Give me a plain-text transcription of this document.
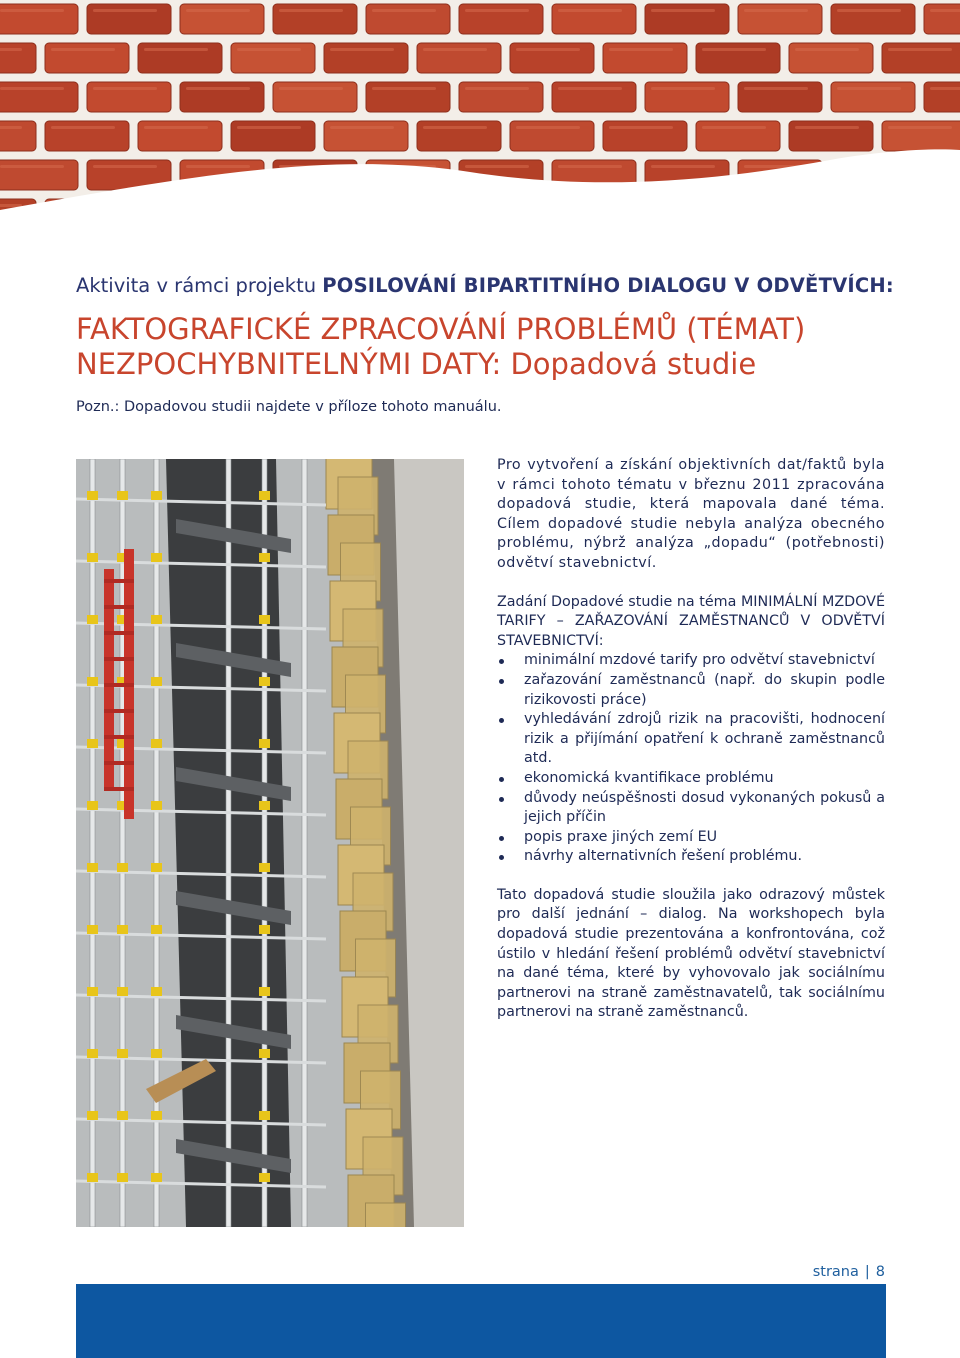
Aktivita v rámci projektu POSILOVÁNÍ BIPARTITNÍHO DIALOGU V ODVĚTVÍCH:
FAKTOGRAFICKÉ ZPRACOVÁNÍ PROBLÉMŮ (TÉMAT)
NEZPOCHYBNITELNÝMI DATY: Dopadová studie
Pozn.: Dopadovou studii najdete v příloze tohoto manuálu.

Pro vytvoření a získání objektivních dat/faktů byla v rámci tohoto tématu v březnu 2011 zpracována dopadová studie, která mapovala dané téma. Cílem dopadové studie nebyla analýza obecného problému, nýbrž analýza „dopadu“ (potřebnosti) odvětví stavebnictví.

Zadání Dopadové studie na téma MINIMÁLNÍ MZDOVÉ TARIFY – ZAŘAZOVÁNÍ ZAMĚSTNANCŮ V ODVĚTVÍ STAVEBNICTVÍ:

minimální mzdové tarify pro odvětví stavebnictví
zařazování zaměstnanců (např. do skupin podle rizikovosti práce)
vyhledávání zdrojů rizik na pracovišti, hodnocení rizik a přijímání opatření k ochraně zaměstnanců atd.
ekonomická kvantifikace problému
důvody neúspěšnosti dosud vykonaných pokusů a jejich příčin
popis praxe jiných zemí EU
návrhy alternativních řešení problému.

Tato dopadová studie sloužila jako odrazový můstek pro další jednání – dialog. Na workshopech byla dopadová studie prezentována a konfrontována, což ústilo v hledání řešení problémů odvětví stavebnictví na dané téma, které by vyhovovalo jak sociálnímu partnerovi na straně zaměstnavatelů, tak sociálnímu partnerovi na straně zaměstnanců.

strana | 8
